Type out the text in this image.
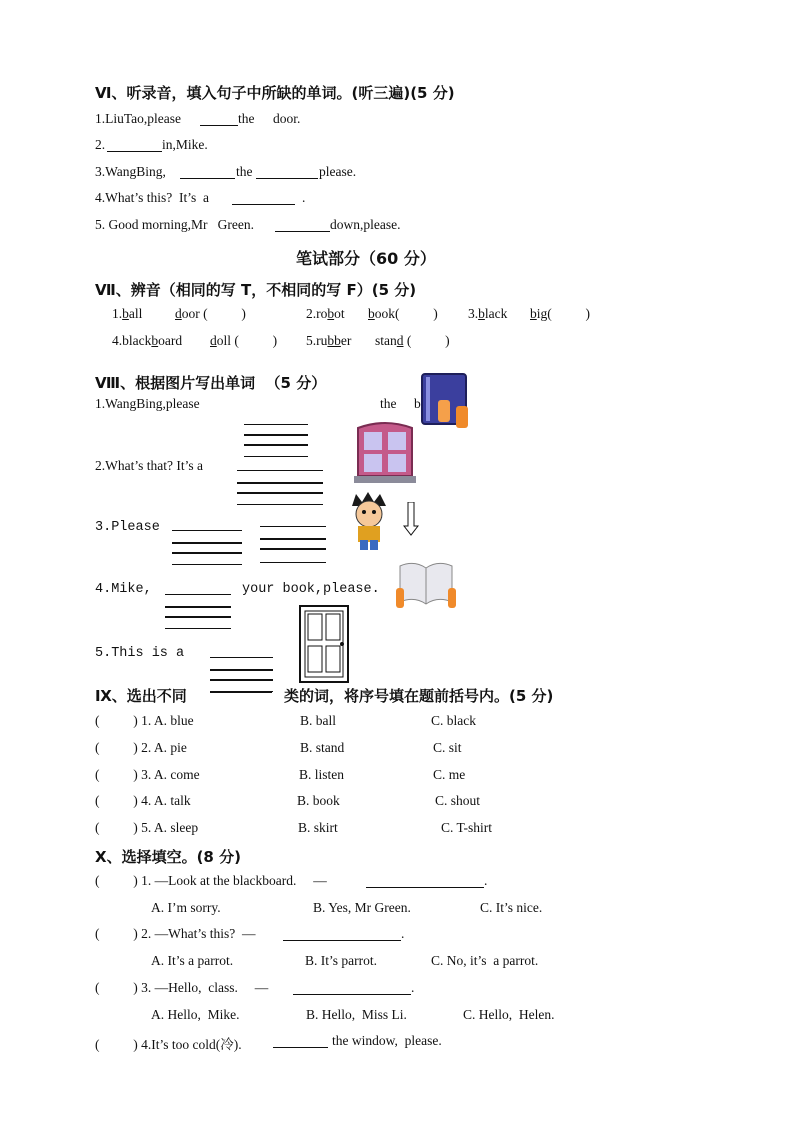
Ⅵ、听录音，填入句子中所缺的单词。(听三遍)(5 分)
1.LiuTao,please	the door.
2.	in,Mike.
3.WangBing,	the	please.
4.What’s this?  It’s  a	.
5. Good morning,Mr   Green.	down,please.
笔试部分（60 分）
Ⅶ、辨音（相同的写 T，不相同的写 F）(5 分)
1.ball door (          )	2.robot book(          ) 3.black big(          )
4.blackboard doll (          ) 5.rubber stand (          )
Ⅷ、根据图片写出单词  （5 分）
1.WangBing,please	the b
2.What’s that? It’s a
3.Please
4.Mike,	your book,please.
5.This is a
Ⅸ、选出不同	类的词，将序号填在题前括号内。(5 分)
(          ) 1. A. blue	B. ball	C. black
(          ) 2. A. pie	B. stand	C. sit
(          ) 3. A. come	B. listen	C. me
(          ) 4. A. talk	B. book	C. shout
(          ) 5. A. sleep	B. skirt	C. T-shirt
Ⅹ、选择填空。(8 分)
(          ) 1. —Look at the blackboard.     —	.
A. I’m sorry.	B. Yes, Mr Green.	C. It’s nice.
(          ) 2. —What’s this?  —	.
A. It’s a parrot.	B. It’s parrot.	C. No, it’s  a parrot.
(          ) 3. —Hello,  class.     —	.
A. Hello,  Mike.	B. Hello,  Miss Li.	C. Hello,  Helen.
(          ) 4.It’s too cold(冷).	the window,  please.
